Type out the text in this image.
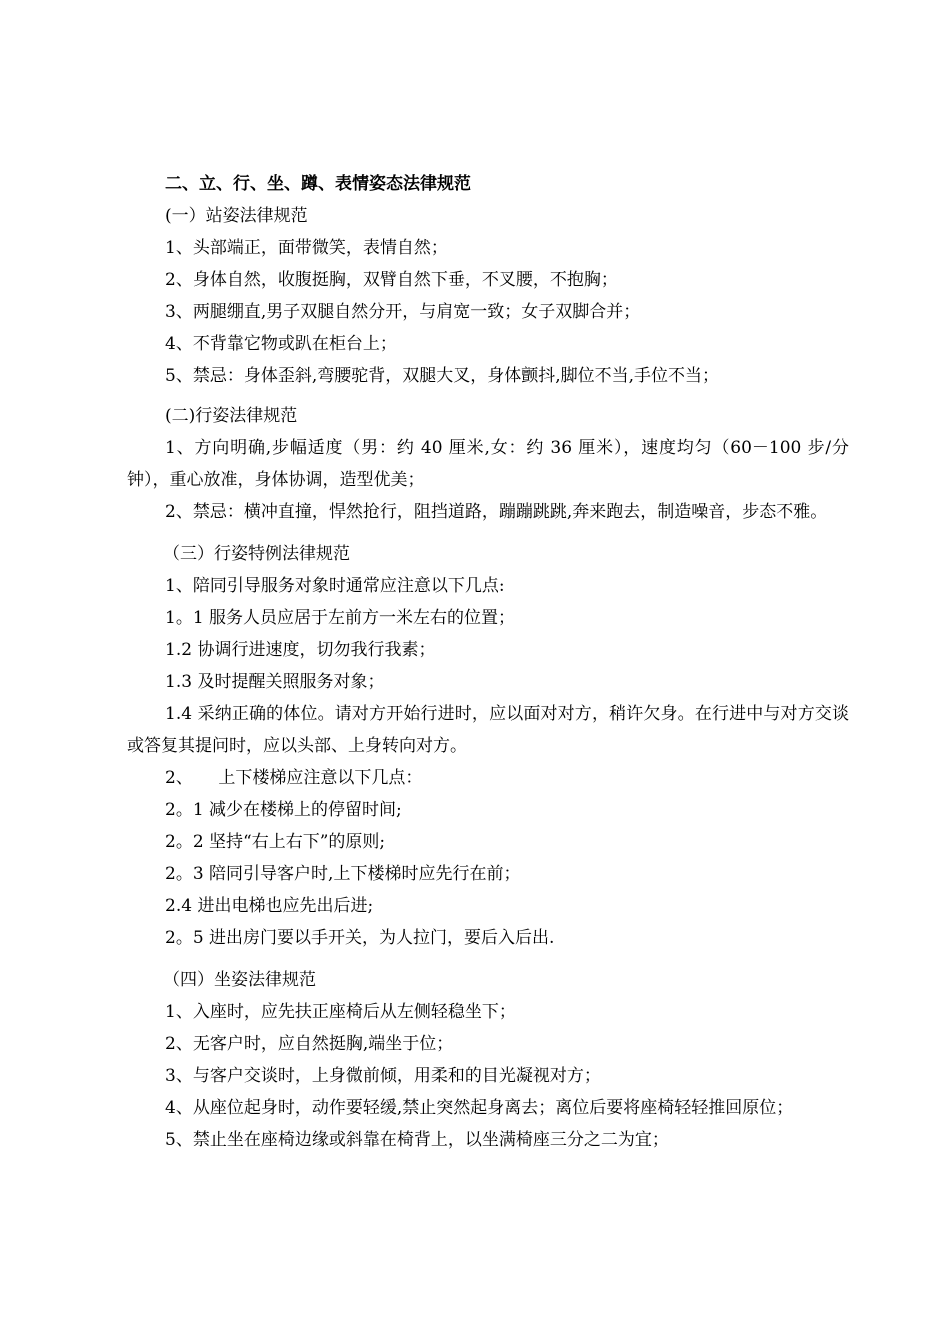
二、立、行、坐、蹲、表情姿态法律规范
(一）站姿法律规范
1、头部端正，面带微笑，表情自然；
2、身体自然，收腹挺胸，双臂自然下垂，不叉腰，不抱胸；
3、两腿绷直,男子双腿自然分开，与肩宽一致；女子双脚合并；
4、不背靠它物或趴在柜台上；
5、禁忌：身体歪斜,弯腰驼背，双腿大叉，身体颤抖,脚位不当,手位不当；
(二)行姿法律规范
1、方向明确,步幅适度（男：约 40 厘米,女：约 36 厘米），速度均匀（60－100 步/分钟），重心放准，身体协调，造型优美；
2、禁忌：横冲直撞，悍然抢行，阻挡道路，蹦蹦跳跳,奔来跑去，制造噪音，步态不雅。
（三）行姿特例法律规范
1、陪同引导服务对象时通常应注意以下几点:
1。1 服务人员应居于左前方一米左右的位置；
1.2 协调行进速度，切勿我行我素；
1.3 及时提醒关照服务对象；
1.4 采纳正确的体位。请对方开始行进时，应以面对对方，稍许欠身。在行进中与对方交谈或答复其提问时，应以头部、上身转向对方。
2、　　上下楼梯应注意以下几点：
2。1 减少在楼梯上的停留时间;
2。2 坚持“右上右下”的原则;
2。3 陪同引导客户时,上下楼梯时应先行在前；
2.4 进出电梯也应先出后进;
2。5 进出房门要以手开关，为人拉门，要后入后出.
（四）坐姿法律规范
1、入座时，应先扶正座椅后从左侧轻稳坐下；
2、无客户时，应自然挺胸,端坐于位；
3、与客户交谈时，上身微前倾，用柔和的目光凝视对方；
4、从座位起身时，动作要轻缓,禁止突然起身离去；离位后要将座椅轻轻推回原位；
5、禁止坐在座椅边缘或斜靠在椅背上，以坐满椅座三分之二为宜；
